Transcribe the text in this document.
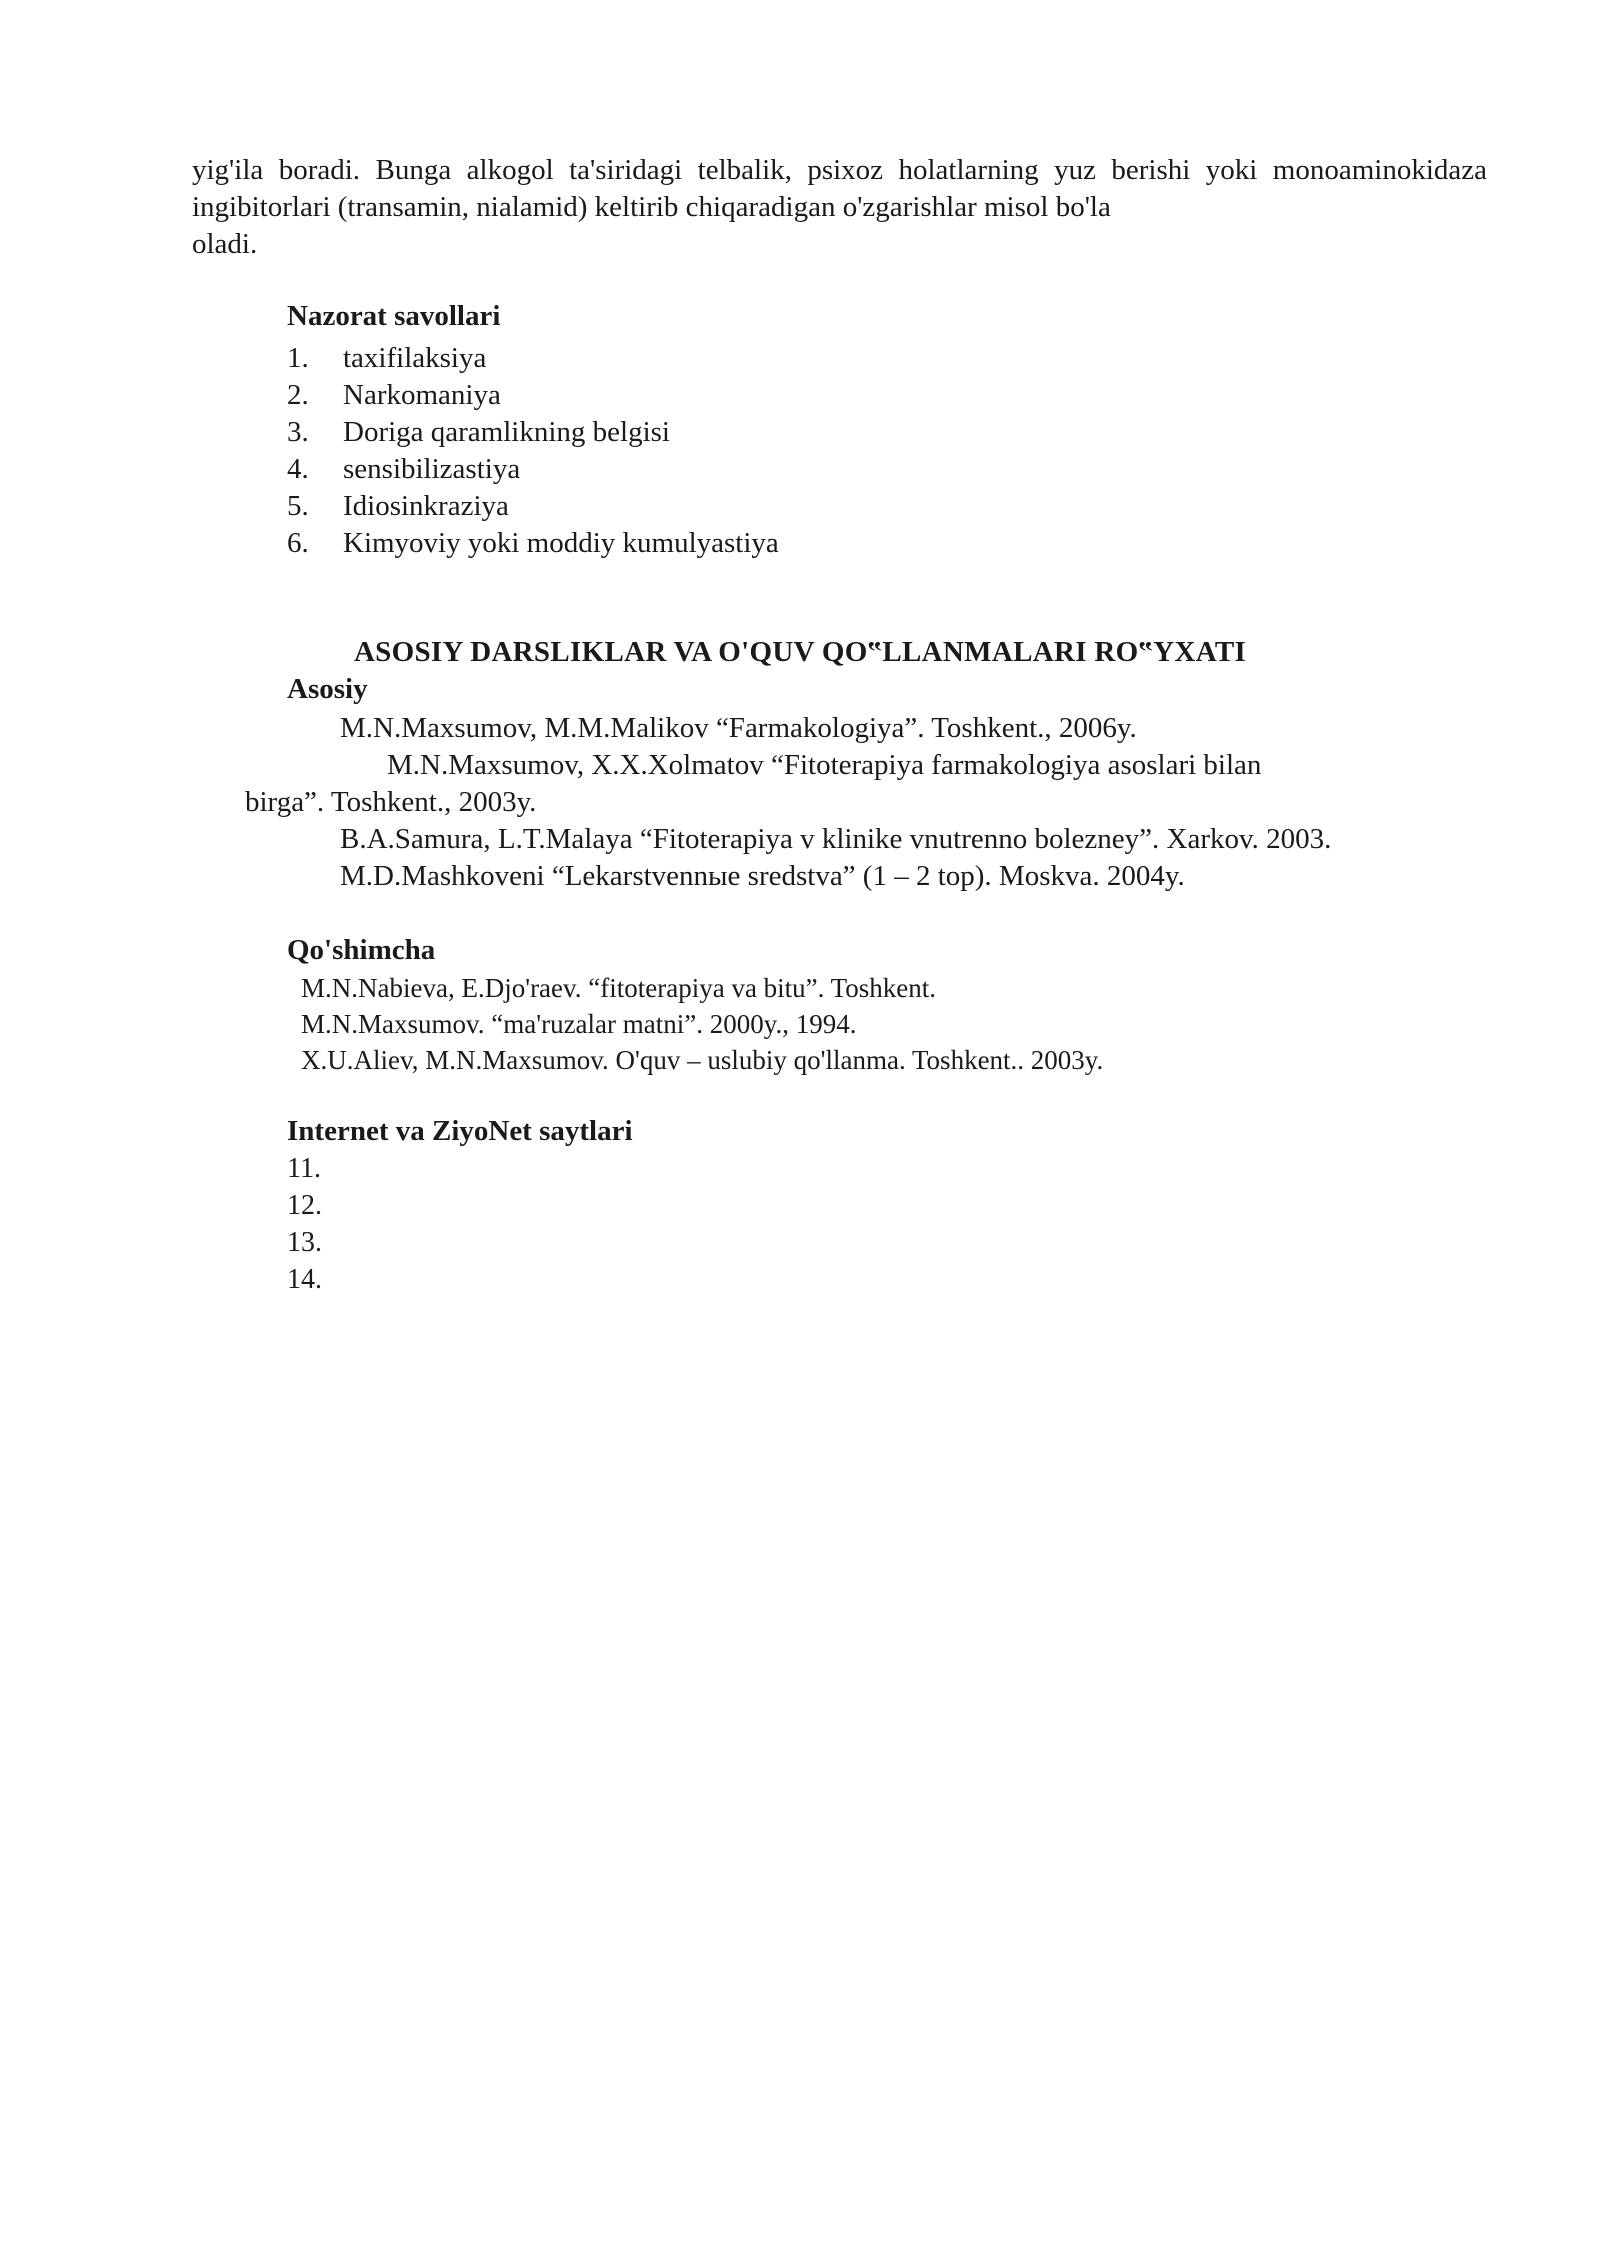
yig'ila boradi. Bunga alkogol ta'siridagi telbalik, psixoz holatlarning yuz berishi yoki monoaminokidaza ingibitorlari (transamin, nialamid) keltirib chiqaradigan o'zgarishlar misol bo'la
oladi.
Nazorat savollari
1.	taxifilaksiya
2.	Narkomaniya
3.	Doriga qaramlikning belgisi
4.	sensibilizastiya
5.	Idiosinkraziya
6.	Kimyoviy yoki moddiy kumulyastiya
ASOSIY DARSLIKLAR VA O'QUV QO‟LLANMALARI RO‟YXATI
Asosiy
M.N.Maxsumov, M.M.Malikov “Farmakologiya”. Toshkent., 2006y.
M.N.Maxsumov, X.X.Xolmatov “Fitoterapiya farmakologiya asoslari bilan
birga”. Toshkent., 2003y.
B.A.Samura, L.T.Malaya “Fitoterapiya v klinike vnutrenno bolezney”. Xarkov. 2003.
M.D.Mashkoveni “Lekarstvennыe sredstva” (1 – 2 top). Moskva. 2004y.
Qo'shimcha
M.N.Nabieva, E.Djo'raev. “fitoterapiya va bitu”. Toshkent.
M.N.Maxsumov. “ma'ruzalar matni”. 2000y., 1994.
X.U.Aliev, M.N.Maxsumov. O'quv – uslubiy qo'llanma. Toshkent.. 2003y.
Internet va ZiyoNet saytlari
11.
12.
13.
14.
